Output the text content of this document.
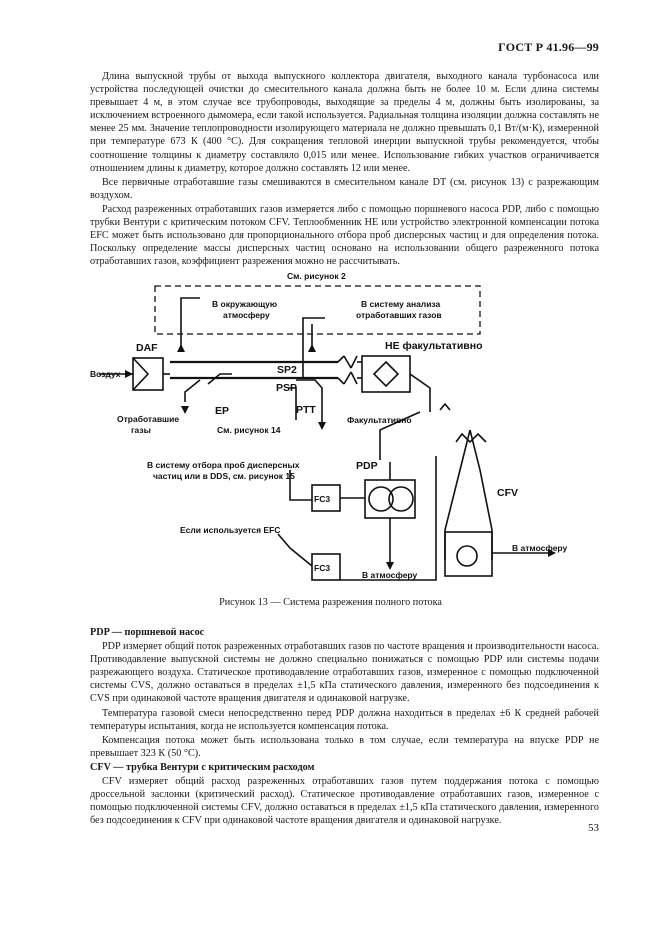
ГОСТ Р 41.96—99

Длина выпускной трубы от выхода выпускного коллектора двигателя, выходного канала турбонасоса или устройства последующей очистки до смесительного канала должна быть не более 10 м. Если длина системы превышает 4 м, в этом случае все трубопроводы, выходящие за пределы 4 м, должны быть изолированы, за исключением встроенного дымомера, если такой используется. Радиальная толщина изоляции должна составлять не менее 25 мм. Значение теплопроводности изолирующего материала не должно превышать 0,1 Вт/(м·К), измеренной при температуре 673 К (400 °С). Для сокращения тепловой инерции выпускной трубы рекомендуется, чтобы соотношение толщины к диаметру составляло 0,015 или менее. Использование гибких участков ограничивается отношением длины к диаметру, которое должно составлять 12 или менее.

Все первичные отработавшие газы смешиваются в смесительном канале DT (см. рисунок 13) с разрежающим воздухом.

Расход разреженных отработавших газов измеряется либо с помощью поршневого насоса PDP, либо с помощью трубки Вентури с критическим потоком CFV. Теплообменник HE или устройство электронной компенсации потока EFC может быть использовано для пропорционального отбора проб дисперсных частиц и для определения потока. Поскольку определение массы дисперсных частиц основано на использовании общего разреженного потока отработавших газов, коэффициент разрежения можно не рассчитывать.

См. рисунок 2
В окружающую
атмосферу
В систему анализа
отработавших газов
DAF
Воздух	SP2
HE факультативно
PSP
PTT
EP
Отработавшие
газы	См. рисунок 14
Факультативно
В систему отбора проб дисперсных
частиц или в DDS, см. рисунок 15
PDP
CFV
FC3
FC3
Если используется EFC
В атмосферу
В атмосферу
Рисунок 13 — Система разрежения полного потока

PDP — поршневой насос

PDP измеряет общий поток разреженных отработавших газов по частоте вращения и производительности насоса. Противодавление выпускной системы не должно специально понижаться с помощью PDP или системы подачи разрежающего воздуха. Статическое противодавление отработавших газов, измеренное с помощью подключенной системы CVS, должно оставаться в пределах ±1,5 кПа статического давления, измеренного без подсоединения к CVS при одинаковой частоте вращения двигателя и одинаковой нагрузке.

Температура газовой смеси непосредственно перед PDP должна находиться в пределах ±6 К средней рабочей температуры испытания, когда не используется компенсация потока.

Компенсация потока может быть использована только в том случае, если температура на впуске PDP не превышает 323 К (50 °С).

CFV — трубка Вентури с критическим расходом

CFV измеряет общий расход разреженных отработавших газов путем поддержания потока с помощью дроссельной заслонки (критический расход). Статическое противодавление отработавших газов, измеренное с помощью подключенной системы CFV, должно оставаться в пределах ±1,5 кПа статического давления, измеренного без подсоединения к CFV при одинаковой частоте вращения двигателя и одинаковой нагрузке.

53
